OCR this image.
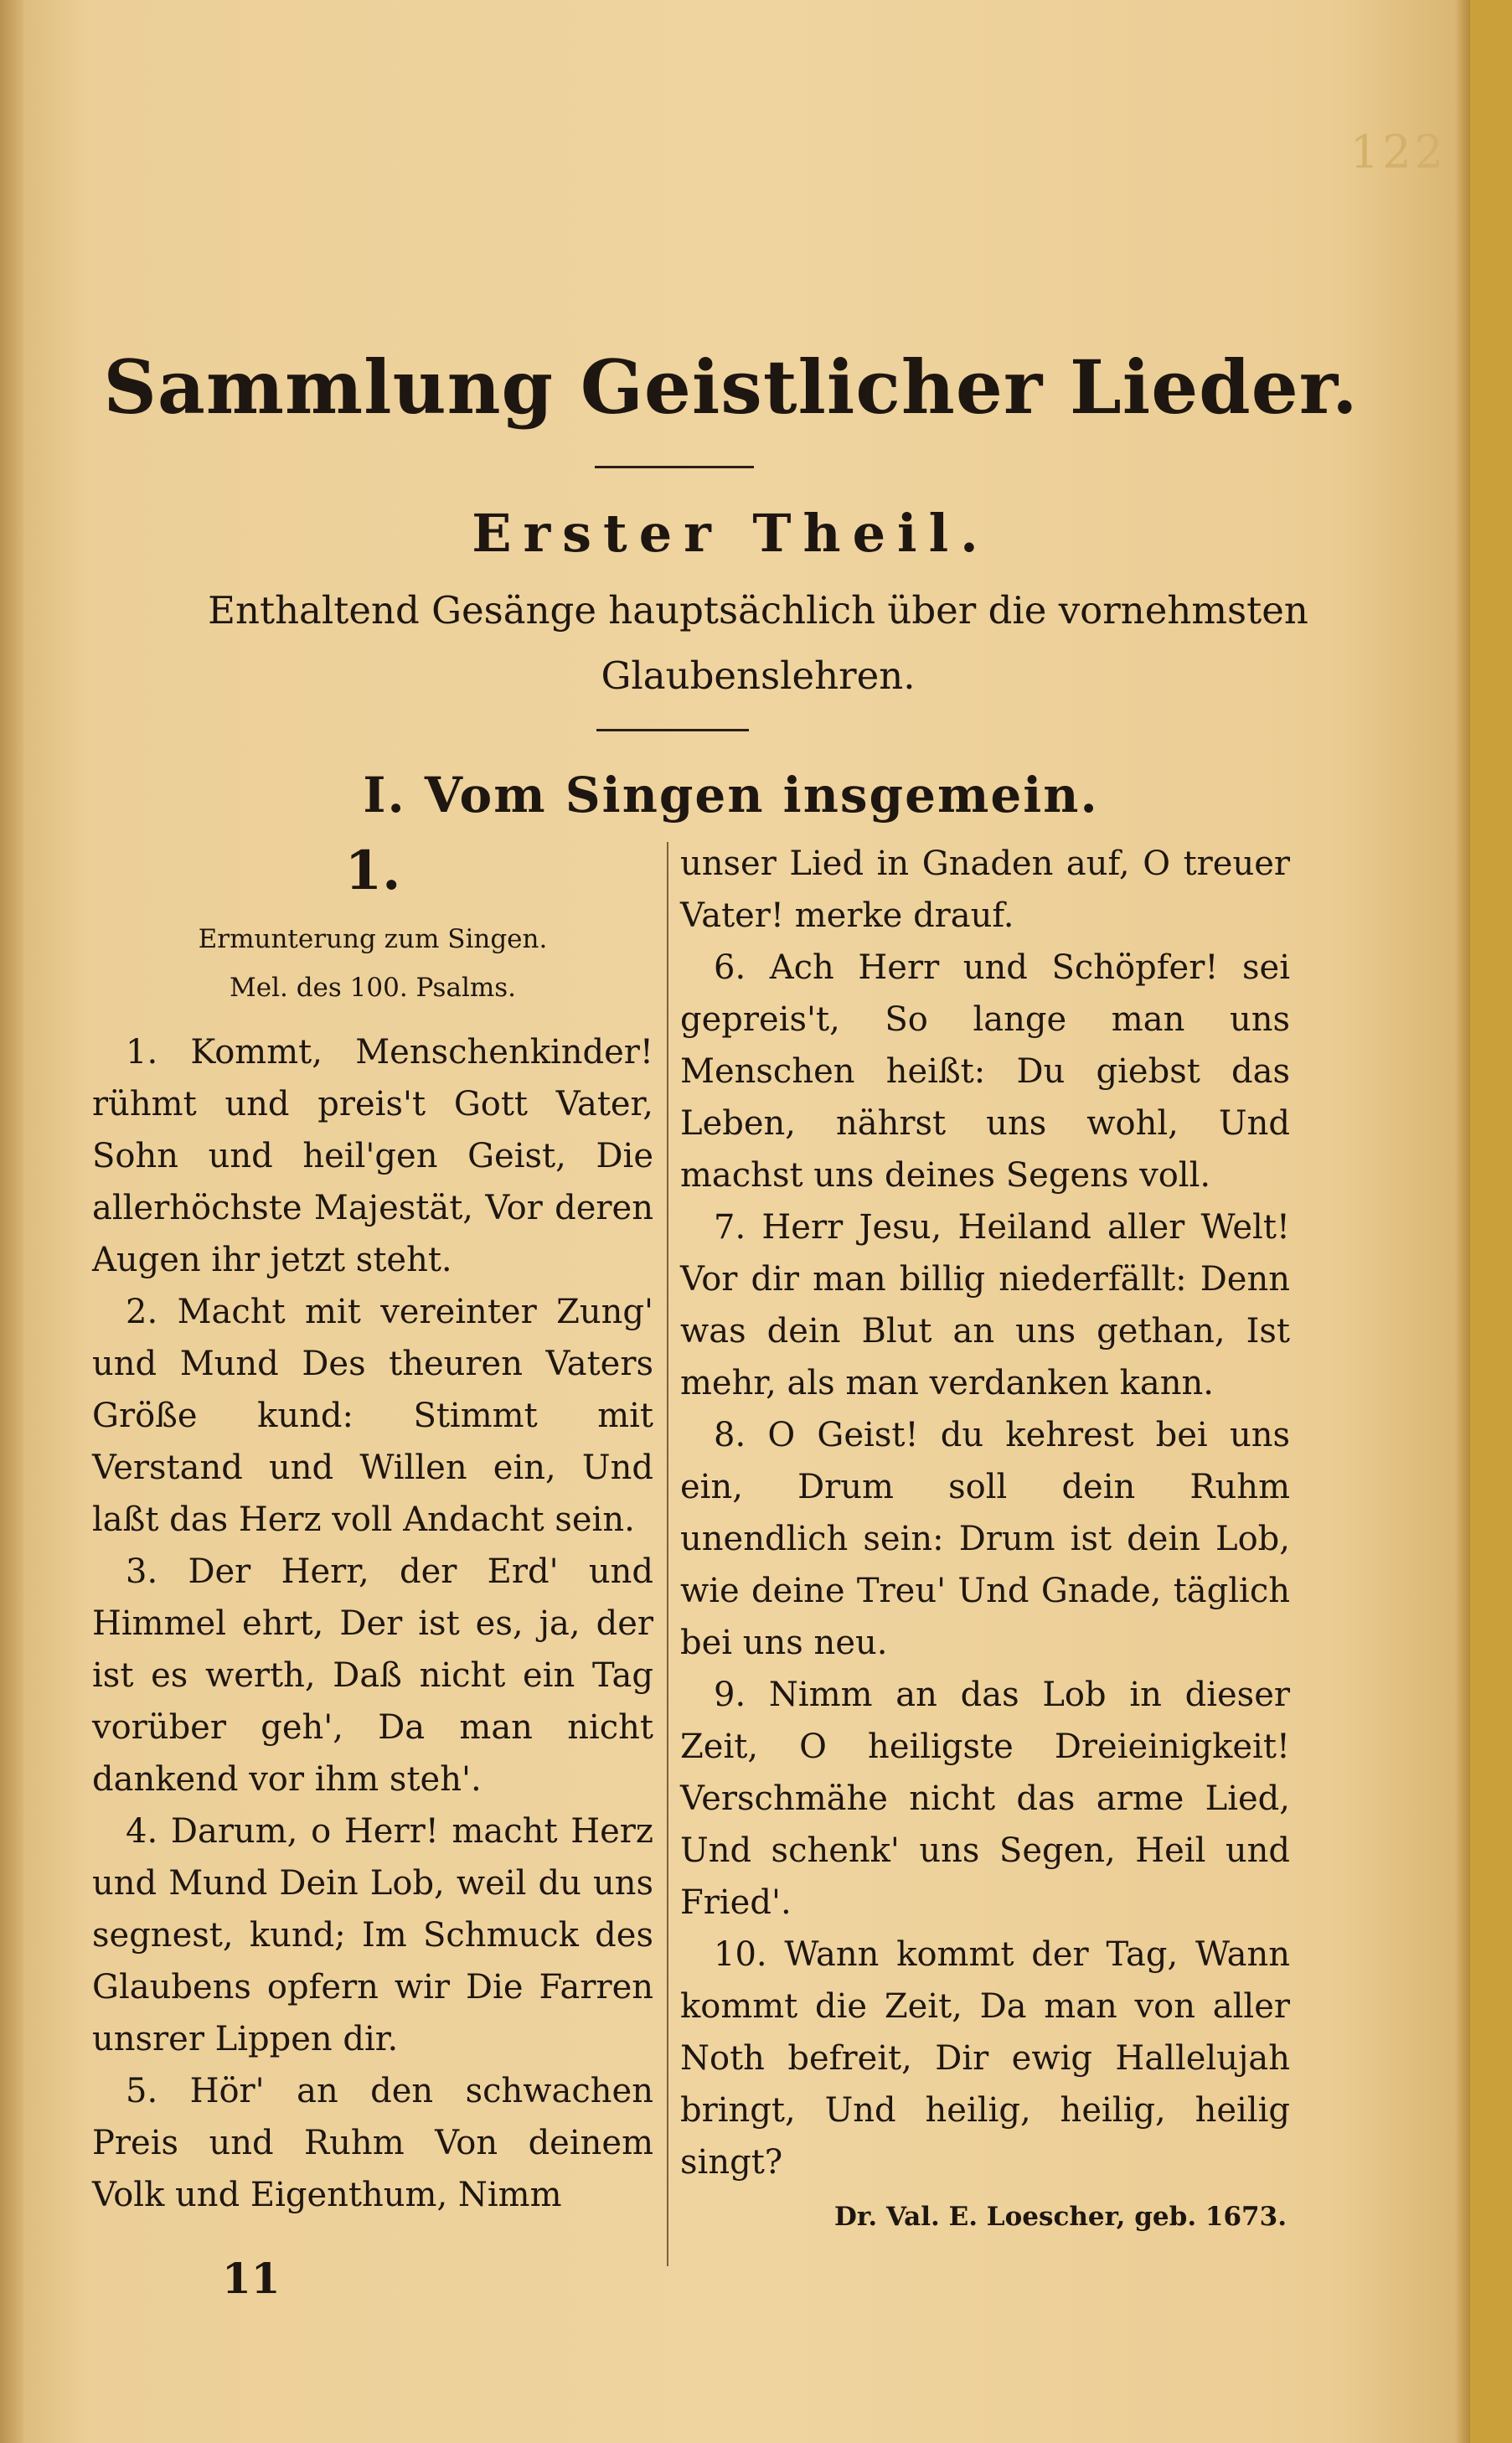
122
Sammlung Geistlicher Lieder.
Erster Theil.
Enthaltend Gesänge hauptsächlich über die vornehmsten Glaubenslehren.
I. Vom Singen insgemein.
1.
Ermunterung zum Singen.
Mel. des 100. Psalms.
1. Kommt, Menschenkinder! rühmt und preis't Gott Vater, Sohn und heil'gen Geist, Die allerhöchste Majestät, Vor deren Augen ihr jetzt steht.
2. Macht mit vereinter Zung' und Mund Des theuren Vaters Größe kund: Stimmt mit Verstand und Willen ein, Und laßt das Herz voll Andacht sein.
3. Der Herr, der Erd' und Himmel ehrt, Der ist es, ja, der ist es werth, Daß nicht ein Tag vorüber geh', Da man nicht dankend vor ihm steh'.
4. Darum, o Herr! macht Herz und Mund Dein Lob, weil du uns segnest, kund; Im Schmuck des Glaubens opfern wir Die Farren unsrer Lippen dir.
5. Hör' an den schwachen Preis und Ruhm Von deinem Volk und Eigenthum, Nimm
unser Lied in Gnaden auf, O treuer Vater! merke drauf.
6. Ach Herr und Schöpfer! sei gepreis't, So lange man uns Menschen heißt: Du giebst das Leben, nährst uns wohl, Und machst uns deines Segens voll.
7. Herr Jesu, Heiland aller Welt! Vor dir man billig niederfällt: Denn was dein Blut an uns gethan, Ist mehr, als man verdanken kann.
8. O Geist! du kehrest bei uns ein, Drum soll dein Ruhm unendlich sein: Drum ist dein Lob, wie deine Treu' Und Gnade, täglich bei uns neu.
9. Nimm an das Lob in dieser Zeit, O heiligste Dreieinigkeit! Verschmähe nicht das arme Lied, Und schenk' uns Segen, Heil und Fried'.
10. Wann kommt der Tag, Wann kommt die Zeit, Da man von aller Noth befreit, Dir ewig Hallelujah bringt, Und heilig, heilig, heilig singt?
Dr. Val. E. Loescher, geb. 1673.
11
